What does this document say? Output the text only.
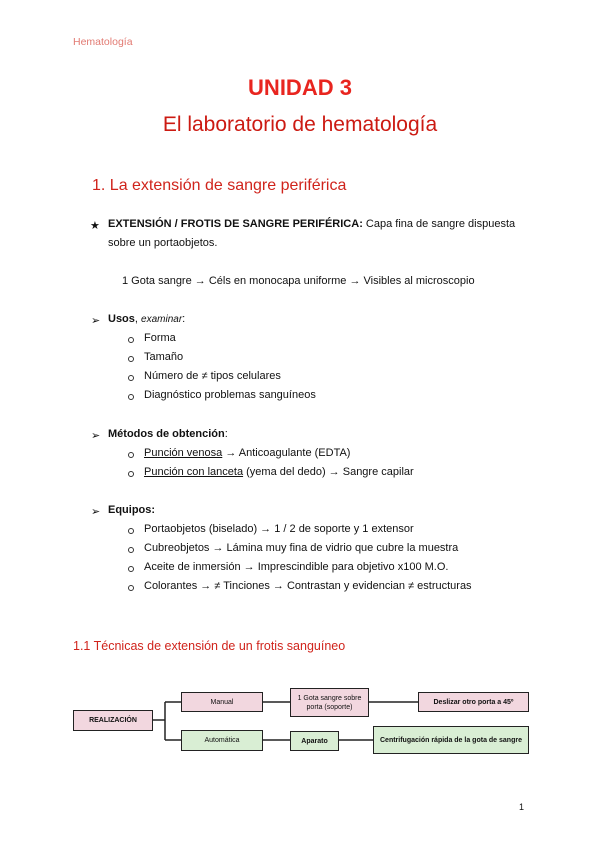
Hematología
UNIDAD 3
El laboratorio de hematología
1. La extensión de sangre periférica
★ EXTENSIÓN / FROTIS DE SANGRE PERIFÉRICA: Capa fina de sangre dispuesta
sobre un portaobjetos.
1 Gota sangre → Céls en monocapa uniforme → Visibles al microscopio
➢ Usos, examinar:
Forma
Tamaño
Número de ≠ tipos celulares
Diagnóstico problemas sanguíneos
➢ Métodos de obtención:
Punción venosa → Anticoagulante (EDTA)
Punción con lanceta (yema del dedo) → Sangre capilar
➢ Equipos:
Portaobjetos (biselado) → 1 / 2 de soporte y 1 extensor
Cubreobjetos → Lámina muy fina de vidrio que cubre la muestra
Aceite de inmersión → Imprescindible para objetivo x100 M.O.
Colorantes → ≠ Tinciones → Contrastan y evidencian ≠ estructuras
1.1 Técnicas de extensión de un frotis sanguíneo
REALIZACIÓN
Manual
1 Gota sangre sobre porta (soporte)
Deslizar otro porta a 45º
Automática	Aparato	Centrifugación rápida de la gota de sangre
1
